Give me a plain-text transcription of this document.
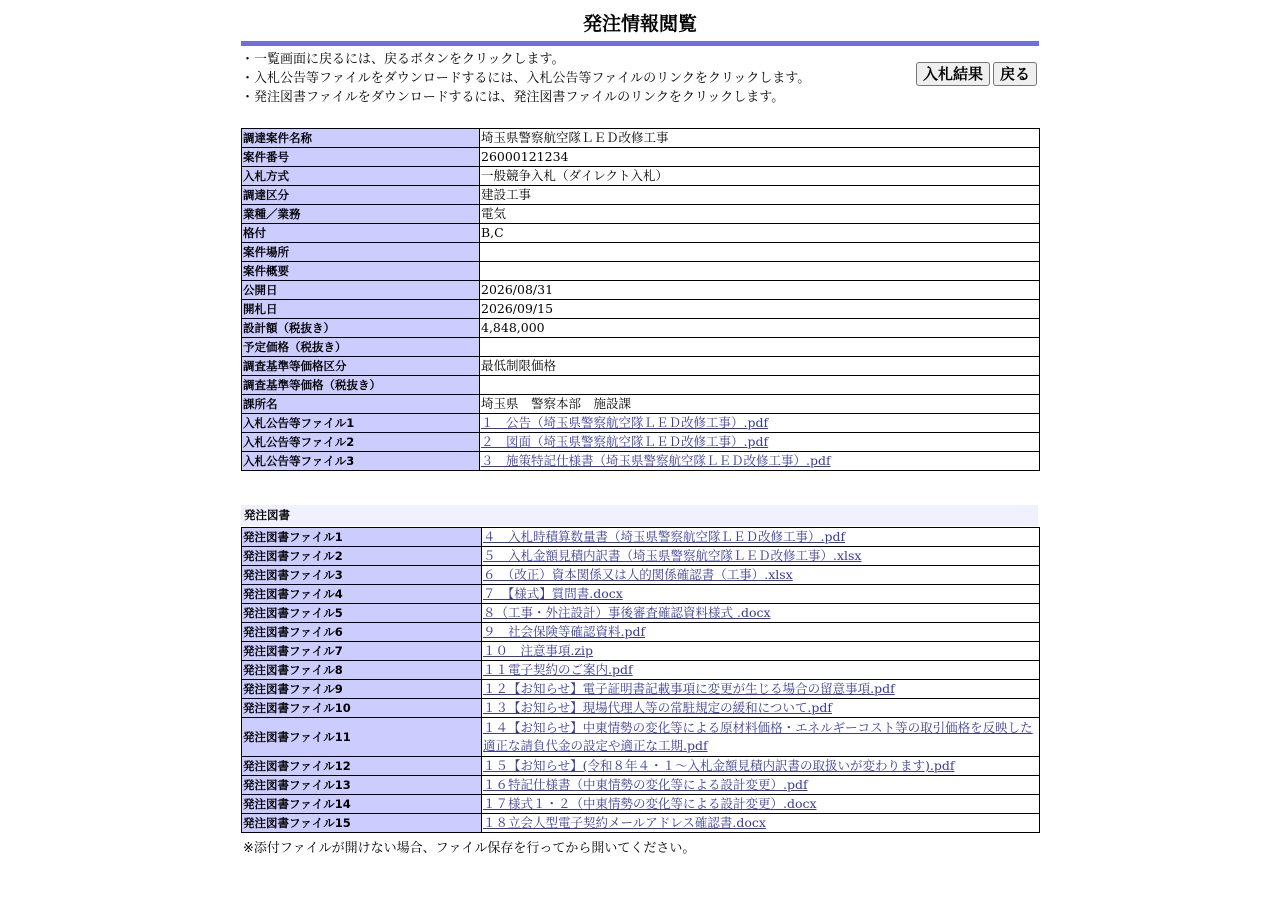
発注情報閲覧
・一覧画面に戻るには、戻るボタンをクリックします。
・入札公告等ファイルをダウンロードするには、入札公告等ファイルのリンクをクリックします。
・発注図書ファイルをダウンロードするには、発注図書ファイルのリンクをクリックします。
入札結果	戻る
調達案件名称	埼玉県警察航空隊ＬＥＤ改修工事
案件番号	26000121234
入札方式	一般競争入札（ダイレクト入札）
調達区分	建設工事
業種／業務	電気
格付	B,C
案件場所	
案件概要	
公開日	2026/08/31
開札日	2026/09/15
設計額（税抜き）	4,848,000
予定価格（税抜き）	
調査基準等価格区分	最低制限価格
調査基準等価格（税抜き）	
課所名	埼玉県　警察本部　施設課
入札公告等ファイル1	１　公告（埼玉県警察航空隊ＬＥＤ改修工事）.pdf
入札公告等ファイル2	２　図面（埼玉県警察航空隊ＬＥＤ改修工事）.pdf
入札公告等ファイル3	３　施策特記仕様書（埼玉県警察航空隊ＬＥＤ改修工事）.pdf
発注図書
発注図書ファイル1	４　入札時積算数量書（埼玉県警察航空隊ＬＥＤ改修工事）.pdf
発注図書ファイル2	５　入札金額見積内訳書（埼玉県警察航空隊ＬＥＤ改修工事）.xlsx
発注図書ファイル3	６　（改正）資本関係又は人的関係確認書（工事）.xlsx
発注図書ファイル4	７　【様式】質問書.docx
発注図書ファイル5	８（工事・外注設計）事後審査確認資料様式 .docx
発注図書ファイル6	９　社会保険等確認資料.pdf
発注図書ファイル7	１０　注意事項.zip
発注図書ファイル8	１１電子契約のご案内.pdf
発注図書ファイル9	１２【お知らせ】電子証明書記載事項に変更が生じる場合の留意事項.pdf
発注図書ファイル10	１３【お知らせ】現場代理人等の常駐規定の緩和について.pdf
発注図書ファイル11	１４【お知らせ】中東情勢の変化等による原材料価格・エネルギーコスト等の取引価格を反映した適正な請負代金の設定や適正な工期.pdf
発注図書ファイル12	１５【お知らせ】(令和８年４・１～入札金額見積内訳書の取扱いが変わります).pdf
発注図書ファイル13	１６特記仕様書（中東情勢の変化等による設計変更）.pdf
発注図書ファイル14	１７様式１・２（中東情勢の変化等による設計変更）.docx
発注図書ファイル15	１８立会人型電子契約メールアドレス確認書.docx
※添付ファイルが開けない場合、ファイル保存を行ってから開いてください。
